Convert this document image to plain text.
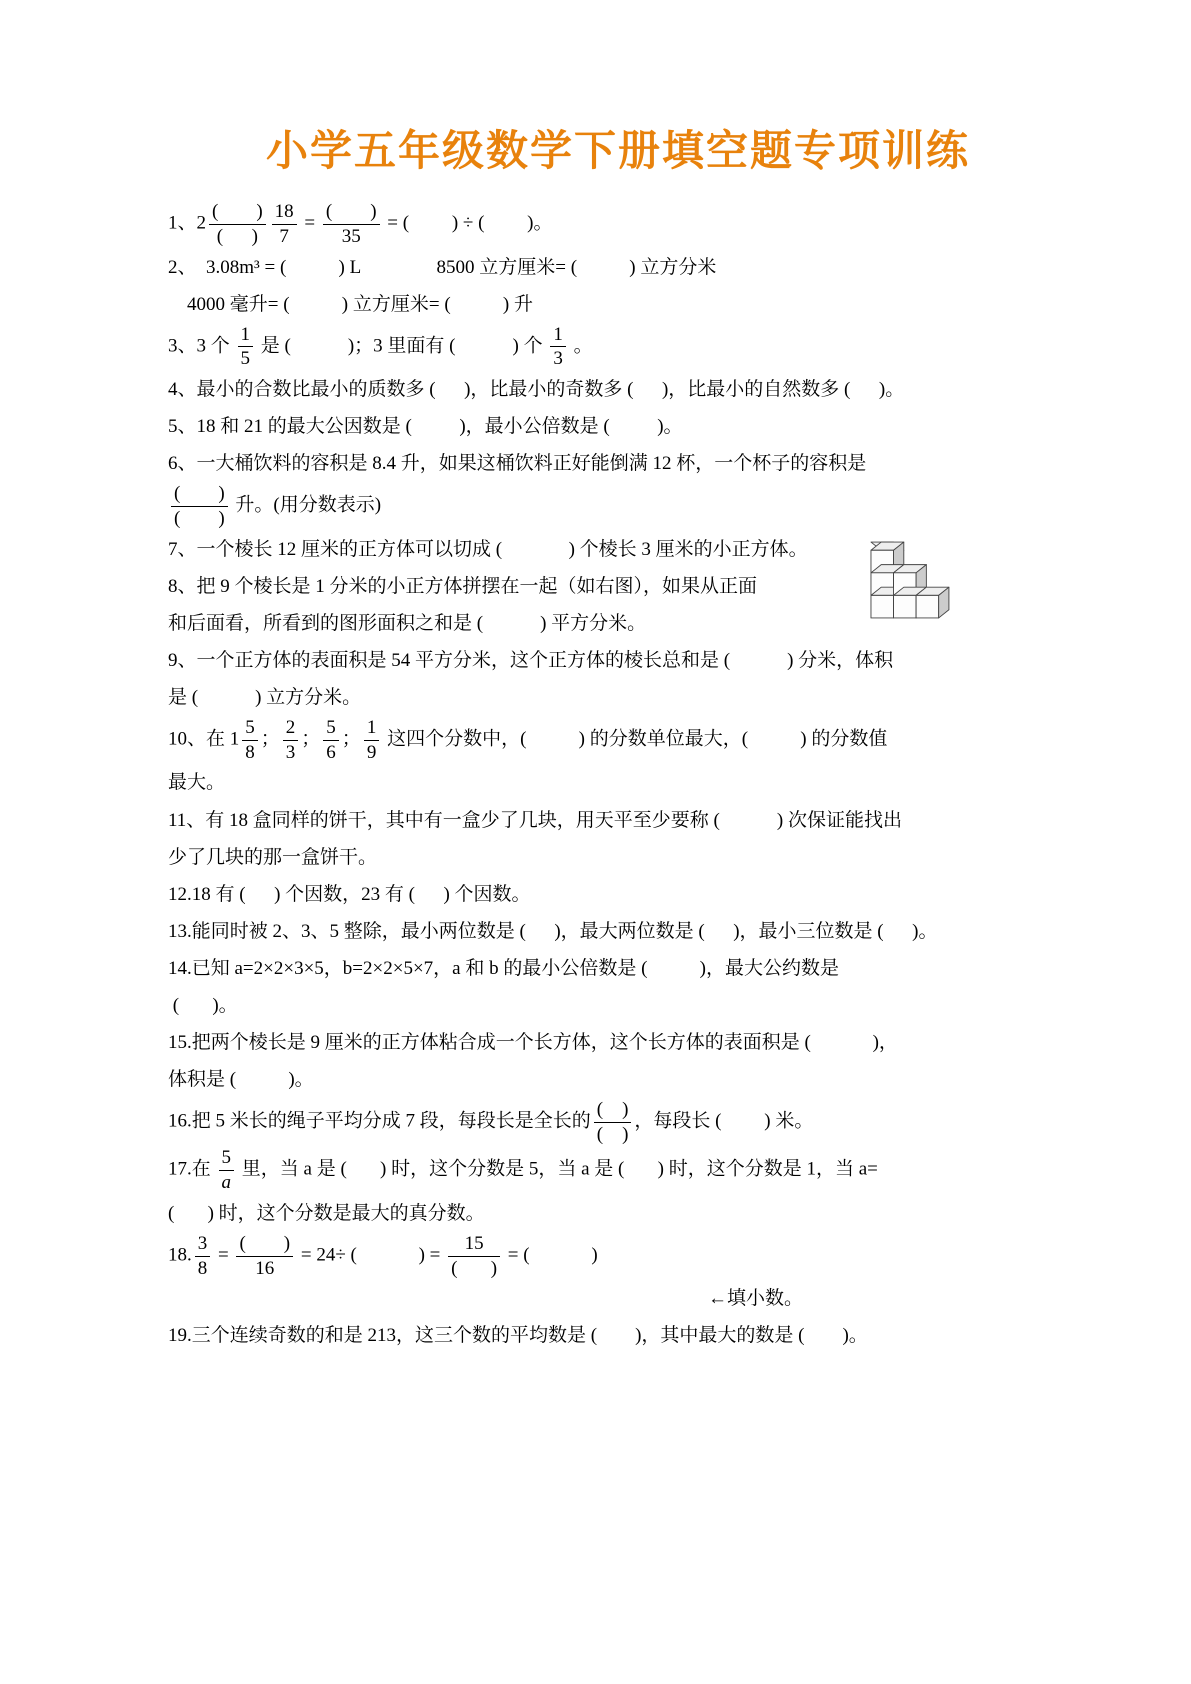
小学五年级数学下册填空题专项训练
1、$2 \frac{( )}{( )} \frac{18}{7} = \frac{( )}{35}$ = (         ) ÷ (         )。
2、  3.08m³ = (           ) L                8500 立方厘米= (           ) 立方分米
4000 毫升= (           ) 立方厘米= (           ) 升
3、3 个 $\frac{1}{5}$ 是 (            )；3 里面有 (            ) 个 $\frac{1}{3}$ 。
4、最小的合数比最小的质数多 (      )，比最小的奇数多 (      )，比最小的自然数多 (      )。
5、18 和 21 的最大公因数是 (          )，最小公倍数是 (          )。
6、一大桶饮料的容积是 8.4 升，如果这桶饮料正好能倒满 12 杯，一个杯子的容积是

$\frac{( )}{( )}$ 升。(用分数表示)
7、一个棱长 12 厘米的正方体可以切成 (              ) 个棱长 3 厘米的小正方体。
8、把 9 个棱长是 1 分米的小正方体拼摆在一起（如右图），如果从正面
和后面看，所看到的图形面积之和是 (            ) 平方分米。
9、一个正方体的表面积是 54 平方分米，这个正方体的棱长总和是 (            ) 分米，体积
是 (            ) 立方分米。
10、在 $1 \frac{5}{8}$ ； $\frac{2}{3}$ ； $\frac{5}{6}$ ； $\frac{1}{9}$ 这四个分数中，(           ) 的分数单位最大，(           ) 的分数值
最大。
11、有 18 盒同样的饼干，其中有一盒少了几块，用天平至少要称 (            ) 次保证能找出
少了几块的那一盒饼干。
12.18 有 (      ) 个因数，23 有 (      ) 个因数。
13.能同时被 2、3、5 整除，最小两位数是 (      )，最大两位数是 (      )，最小三位数是 (      )。
14.已知 a=2×2×3×5，b=2×2×5×7，a 和 b 的最小公倍数是 (           )，最大公约数是
(       )。
15.把两个棱长是 9 厘米的正方体粘合成一个长方体，这个长方体的表面积是 (             )，
体积是 (           )。
16.把 5 米长的绳子平均分成 7 段，每段长是全长的 $\frac{( )}{( )}$ ，每段长 (         ) 米。
17.在 $\frac{5}{a}$ 里，当 a 是 (       ) 时，这个分数是 5，当 a 是 (       ) 时，这个分数是 1，当 a=
(       ) 时，这个分数是最大的真分数。
18. $\frac{3}{8} = \frac{( )}{16} = 24\div$ (             ) = $\frac{15}{( )}$ = (             )
←填小数。
19.三个连续奇数的和是 213，这三个数的平均数是 (        )，其中最大的数是 (        )。
